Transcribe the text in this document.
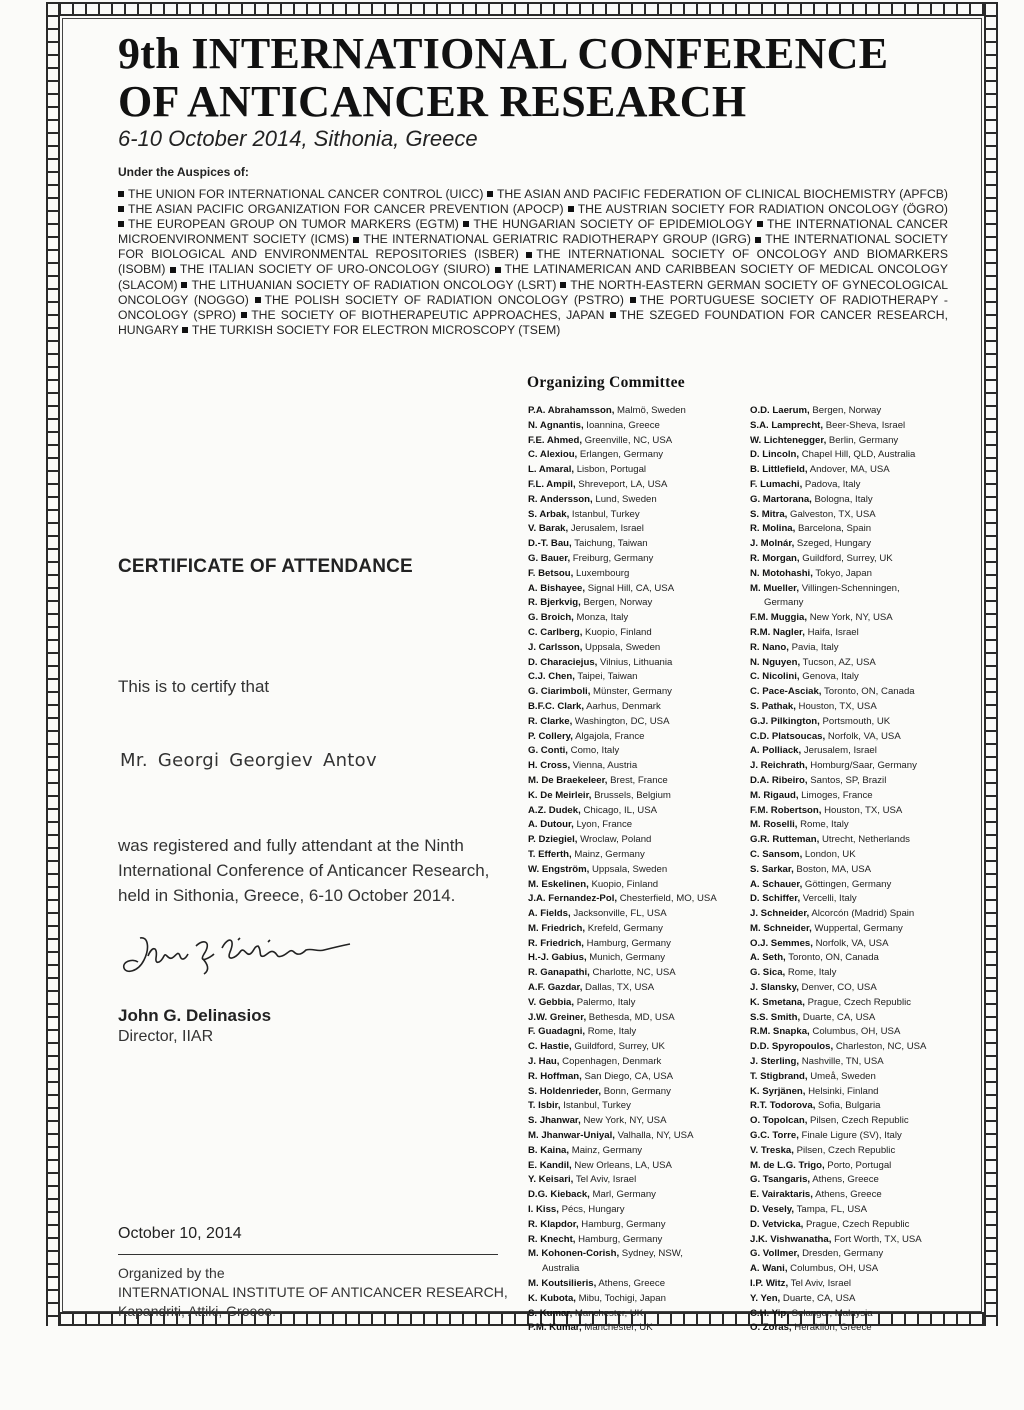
9th INTERNATIONAL CONFERENCE
OF ANTICANCER RESEARCH
6-10 October 2014, Sithonia, Greece
Under the Auspices of:
THE UNION FOR INTERNATIONAL CANCER CONTROL (UICC) THE ASIAN AND PACIFIC FEDERATION OF CLINICAL BIOCHEMISTRY (APFCB) THE ASIAN PACIFIC ORGANIZATION FOR CANCER PREVENTION (APOCP) THE AUSTRIAN SOCIETY FOR RADIATION ONCOLOGY (ÖGRO) THE EUROPEAN GROUP ON TUMOR MARKERS (EGTM) THE HUNGARIAN SOCIETY OF EPIDEMIOLOGY THE INTERNATIONAL CANCER MICROENVIRONMENT SOCIETY (ICMS) THE INTERNATIONAL GERIATRIC RADIOTHERAPY GROUP (IGRG) THE INTERNATIONAL SOCIETY FOR BIOLOGICAL AND ENVIRONMENTAL REPOSITORIES (ISBER) THE INTERNATIONAL SOCIETY OF ONCOLOGY AND BIOMARKERS (ISOBM) THE ITALIAN SOCIETY OF URO-ONCOLOGY (SIURO) THE LATINAMERICAN AND CARIBBEAN SOCIETY OF MEDICAL ONCOLOGY (SLACOM) THE LITHUANIAN SOCIETY OF RADIATION ONCOLOGY (LSRT) THE NORTH-EASTERN GERMAN SOCIETY OF GYNECOLOGICAL ONCOLOGY (NOGGO) THE POLISH SOCIETY OF RADIATION ONCOLOGY (PSTRO) THE PORTUGUESE SOCIETY OF RADIOTHERAPY - ONCOLOGY (SPRO) THE SOCIETY OF BIOTHERAPEUTIC APPROACHES, JAPAN THE SZEGED FOUNDATION FOR CANCER RESEARCH, HUNGARY THE TURKISH SOCIETY FOR ELECTRON MICROSCOPY (TSEM)
Organizing Committee
P.A. Abrahamsson, Malmö, Sweden
N. Agnantis, Ioannina, Greece
F.E. Ahmed, Greenville, NC, USA
C. Alexiou, Erlangen, Germany
L. Amaral, Lisbon, Portugal
F.L. Ampil, Shreveport, LA, USA
R. Andersson, Lund, Sweden
S. Arbak, Istanbul, Turkey
V. Barak, Jerusalem, Israel
D.-T. Bau, Taichung, Taiwan
G. Bauer, Freiburg, Germany
F. Betsou, Luxembourg
A. Bishayee, Signal Hill, CA, USA
R. Bjerkvig, Bergen, Norway
G. Broich, Monza, Italy
C. Carlberg, Kuopio, Finland
J. Carlsson, Uppsala, Sweden
D. Characiejus, Vilnius, Lithuania
C.J. Chen, Taipei, Taiwan
G. Ciarimboli, Münster, Germany
B.F.C. Clark, Aarhus, Denmark
R. Clarke, Washington, DC, USA
P. Collery, Algajola, France
G. Conti, Como, Italy
H. Cross, Vienna, Austria
M. De Braekeleer, Brest, France
K. De Meirleir, Brussels, Belgium
A.Z. Dudek, Chicago, IL, USA
A. Dutour, Lyon, France
P. Dziegiel, Wroclaw, Poland
T. Efferth, Mainz, Germany
W. Engström, Uppsala, Sweden
M. Eskelinen, Kuopio, Finland
J.A. Fernandez-Pol, Chesterfield, MO, USA
A. Fields, Jacksonville, FL, USA
M. Friedrich, Krefeld, Germany
R. Friedrich, Hamburg, Germany
H.-J. Gabius, Munich, Germany
R. Ganapathi, Charlotte, NC, USA
A.F. Gazdar, Dallas, TX, USA
V. Gebbia, Palermo, Italy
J.W. Greiner, Bethesda, MD, USA
F. Guadagni, Rome, Italy
C. Hastie, Guildford, Surrey, UK
J. Hau, Copenhagen, Denmark
R. Hoffman, San Diego, CA, USA
S. Holdenrieder, Bonn, Germany
T. Isbir, Istanbul, Turkey
S. Jhanwar, New York, NY, USA
M. Jhanwar-Uniyal, Valhalla, NY, USA
B. Kaina, Mainz, Germany
E. Kandil, New Orleans, LA, USA
Y. Keisari, Tel Aviv, Israel
D.G. Kieback, Marl, Germany
I. Kiss, Pécs, Hungary
R. Klapdor, Hamburg, Germany
R. Knecht, Hamburg, Germany
M. Kohonen-Corish, Sydney, NSW,
Australia
M. Koutsilieris, Athens, Greece
K. Kubota, Mibu, Tochigi, Japan
S. Kumar, Manchester, UK
P.M. Kumar, Manchester, UK
O.D. Laerum, Bergen, Norway
S.A. Lamprecht, Beer-Sheva, Israel
W. Lichtenegger, Berlin, Germany
D. Lincoln, Chapel Hill, QLD, Australia
B. Littlefield, Andover, MA, USA
F. Lumachi, Padova, Italy
G. Martorana, Bologna, Italy
S. Mitra, Galveston, TX, USA
R. Molina, Barcelona, Spain
J. Molnár, Szeged, Hungary
R. Morgan, Guildford, Surrey, UK
N. Motohashi, Tokyo, Japan
M. Mueller, Villingen-Schenningen,
Germany
F.M. Muggia, New York, NY, USA
R.M. Nagler, Haifa, Israel
R. Nano, Pavia, Italy
N. Nguyen, Tucson, AZ, USA
C. Nicolini, Genova, Italy
C. Pace-Asciak, Toronto, ON, Canada
S. Pathak, Houston, TX, USA
G.J. Pilkington, Portsmouth, UK
C.D. Platsoucas, Norfolk, VA, USA
A. Polliack, Jerusalem, Israel
J. Reichrath, Homburg/Saar, Germany
D.A. Ribeiro, Santos, SP, Brazil
M. Rigaud, Limoges, France
F.M. Robertson, Houston, TX, USA
M. Roselli, Rome, Italy
G.R. Rutteman, Utrecht, Netherlands
C. Sansom, London, UK
S. Sarkar, Boston, MA, USA
A. Schauer, Göttingen, Germany
D. Schiffer, Vercelli, Italy
J. Schneider, Alcorcón (Madrid) Spain
M. Schneider, Wuppertal, Germany
O.J. Semmes, Norfolk, VA, USA
A. Seth, Toronto, ON, Canada
G. Sica, Rome, Italy
J. Slansky, Denver, CO, USA
K. Smetana, Prague, Czech Republic
S.S. Smith, Duarte, CA, USA
R.M. Snapka, Columbus, OH, USA
D.D. Spyropoulos, Charleston, NC, USA
J. Sterling, Nashville, TN, USA
T. Stigbrand, Umeå, Sweden
K. Syrjänen, Helsinki, Finland
R.T. Todorova, Sofia, Bulgaria
O. Topolcan, Pilsen, Czech Republic
G.C. Torre, Finale Ligure (SV), Italy
V. Treska, Pilsen, Czech Republic
M. de L.G. Trigo, Porto, Portugal
G. Tsangaris, Athens, Greece
E. Vairaktaris, Athens, Greece
D. Vesely, Tampa, FL, USA
D. Vetvicka, Prague, Czech Republic
J.K. Vishwanatha, Fort Worth, TX, USA
G. Vollmer, Dresden, Germany
A. Wani, Columbus, OH, USA
I.P. Witz, Tel Aviv, Israel
Y. Yen, Duarte, CA, USA
C.H. Yip, Selangor, Malaysia
O. Zoras, Heraklion, Greece
CERTIFICATE OF ATTENDANCE
This is to certify that
Mr. Georgi Georgiev Antov
was registered and fully attendant at the Ninth International Conference of Anticancer Research, held in Sithonia, Greece, 6-10 October 2014.
John G. Delinasios
Director, IIAR
October 10, 2014
Organized by the
INTERNATIONAL INSTITUTE OF ANTICANCER RESEARCH,
Kapandriti, Attiki, Greece.
